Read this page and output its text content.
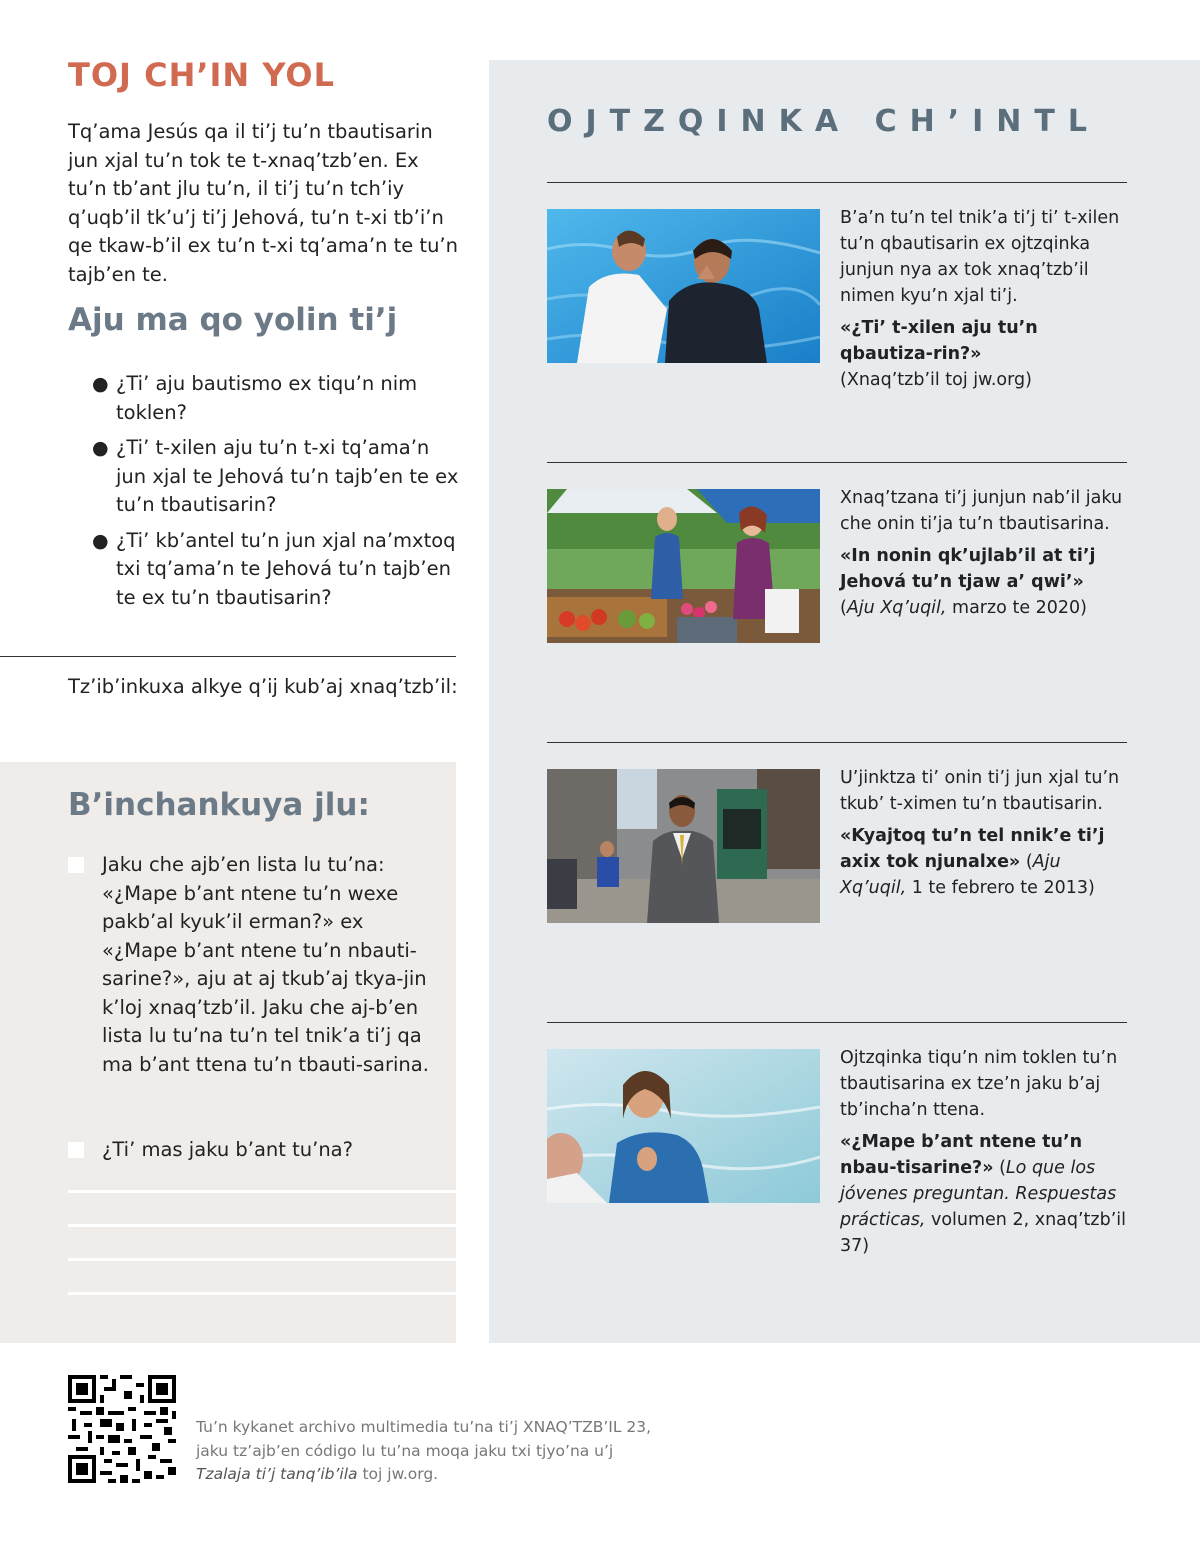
TOJ CH’IN YOL

Tq’ama Jesús qa il ti’j tu’n tbautisarin jun xjal tu’n tok te t-xnaq’tzb’en. Ex tu’n tb’ant jlu tu’n, il ti’j tu’n tch’iy q’uqb’il tk’u’j ti’j Jehová, tu’n t-xi tb’i’n qe tkaw-b’il ex tu’n t-xi tq’ama’n te tu’n tajb’en te.

Aju ma qo yolin ti’j
● ¿Ti’ aju bautismo ex tiqu’n nim toklen?
● ¿Ti’ t-xilen aju tu’n t-xi tq’ama’n jun xjal te Jehová tu’n tajb’en te ex tu’n tbautisarin?
● ¿Ti’ kb’antel tu’n jun xjal na’mxtoq txi tq’ama’n te Jehová tu’n tajb’en te ex tu’n tbautisarin?

Tz’ib’inkuxa alkye q’ij kub’aj xnaq’tzb’il:

B’inchankuya jlu:
Jaku che ajb’en lista lu tu’na: «¿Mape b’ant ntene tu’n wexe pakb’al kyuk’il erman?» ex «¿Mape b’ant ntene tu’n nbauti-sarine?», aju at aj tkub’aj tkya-jin k’loj xnaq’tzb’il. Jaku che aj-b’en lista lu tu’na tu’n tel tnik’a ti’j qa ma b’ant ttena tu’n tbauti-sarina.
¿Ti’ mas jaku b’ant tu’na?
OJTZQINKA CH’INTL

B’a’n tu’n tel tnik’a ti’j ti’ t-xilen tu’n qbautisarin ex ojtzqinka junjun nya ax tok xnaq’tzb’il nimen kyu’n xjal ti’j.

«¿Ti’ t-xilen aju tu’n qbautiza-rin?»

(Xnaq’tzb’il toj jw.org)

Xnaq’tzana ti’j junjun nab’il jaku che onin ti’ja tu’n tbautisarina.

«In nonin qk’ujlab’il at ti’j Jehová tu’n tjaw a’ qwi’»

(Aju Xq’uqil, marzo te 2020)

U’jinktza ti’ onin ti’j jun xjal tu’n tkub’ t-ximen tu’n tbautisarin.

«Kyajtoq tu’n tel nnik’e ti’j axix tok njunalxe» (Aju Xq’uqil, 1 te febrero te 2013)

Ojtzqinka tiqu’n nim toklen tu’n tbautisarina ex tze’n jaku b’aj tb’incha’n ttena.

«¿Mape b’ant ntene tu’n nbau-tisarine?» (Lo que los jóvenes preguntan. Respuestas prácticas, volumen 2, xnaq’tzb’il 37)

Tu’n kykanet archivo multimedia tu’na ti’j XNAQ’TZB’IL 23,
jaku tz’ajb’en código lu tu’na moqa jaku txi tjyo’na u’j
Tzalaja ti’j tanq’ib’ila toj jw.org.
